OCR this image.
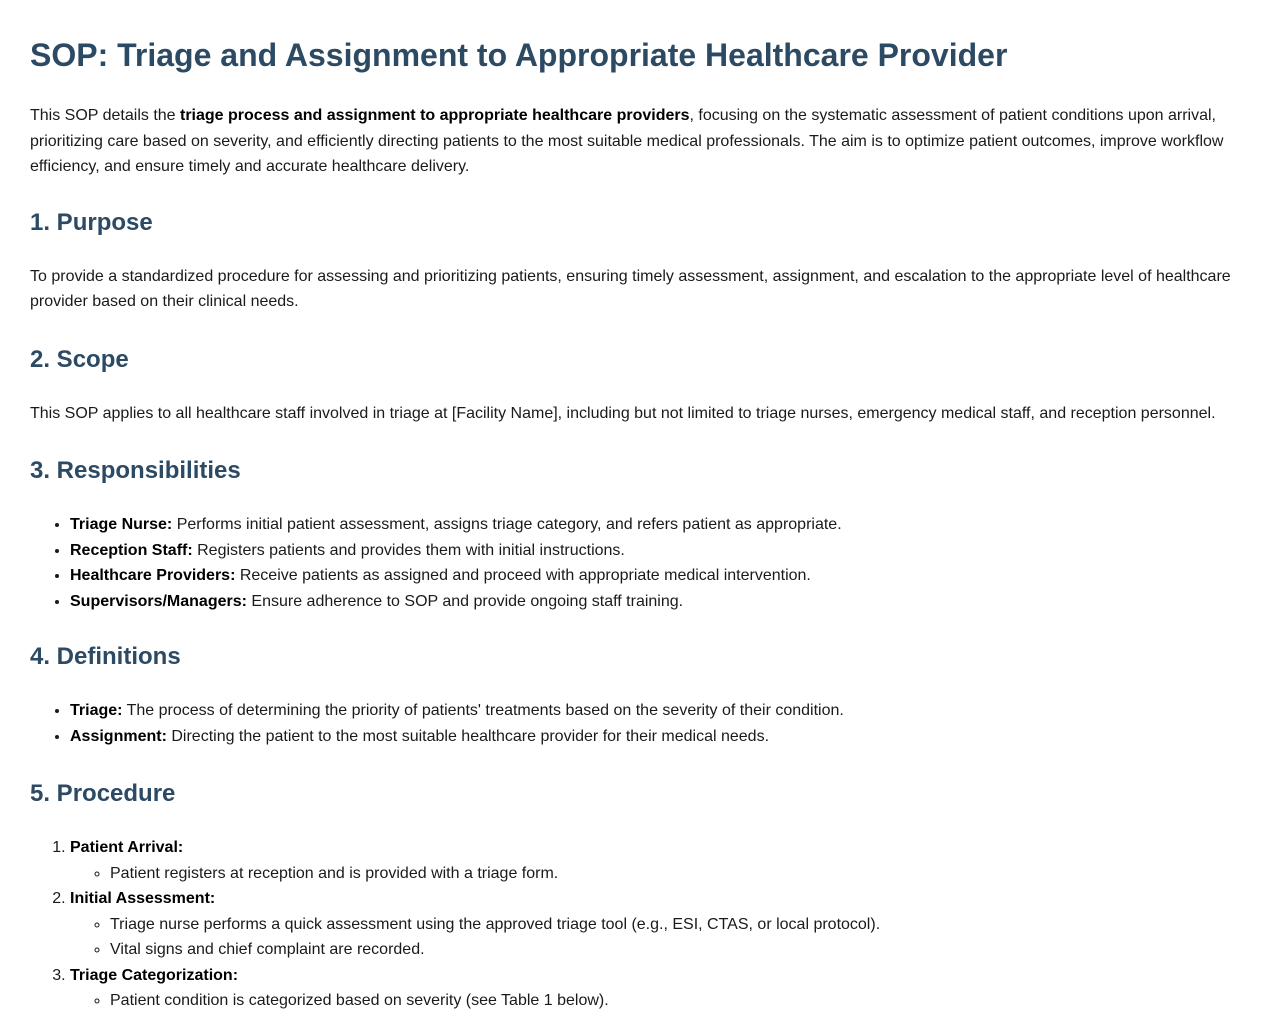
SOP: Triage and Assignment to Appropriate Healthcare Provider

This SOP details the triage process and assignment to appropriate healthcare providers, focusing on the systematic assessment of patient conditions upon arrival, prioritizing care based on severity, and efficiently directing patients to the most suitable medical professionals. The aim is to optimize patient outcomes, improve workflow efficiency, and ensure timely and accurate healthcare delivery.

1. Purpose

To provide a standardized procedure for assessing and prioritizing patients, ensuring timely assessment, assignment, and escalation to the appropriate level of healthcare provider based on their clinical needs.

2. Scope

This SOP applies to all healthcare staff involved in triage at [Facility Name], including but not limited to triage nurses, emergency medical staff, and reception personnel.

3. Responsibilities
• Triage Nurse: Performs initial patient assessment, assigns triage category, and refers patient as appropriate.
• Reception Staff: Registers patients and provides them with initial instructions.
• Healthcare Providers: Receive patients as assigned and proceed with appropriate medical intervention.
• Supervisors/Managers: Ensure adherence to SOP and provide ongoing staff training.
4. Definitions
• Triage: The process of determining the priority of patients' treatments based on the severity of their condition.
• Assignment: Directing the patient to the most suitable healthcare provider for their medical needs.
5. Procedure
1. Patient Arrival:
◦ Patient registers at reception and is provided with a triage form.
2. Initial Assessment:
◦ Triage nurse performs a quick assessment using the approved triage tool (e.g., ESI, CTAS, or local protocol).
◦ Vital signs and chief complaint are recorded.
3. Triage Categorization:
◦ Patient condition is categorized based on severity (see Table 1 below).
